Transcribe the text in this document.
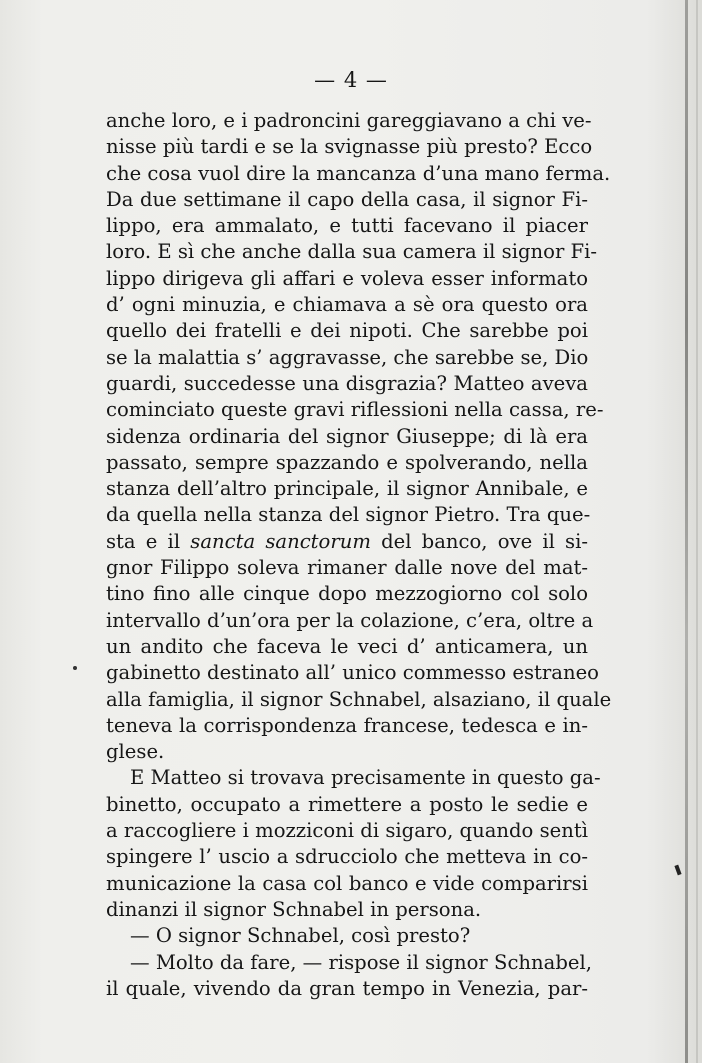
— 4 —
anche loro, e i padroncini gareggiavano a chi ve-
nisse più tardi e se la svignasse più presto? Ecco
che cosa vuol dire la mancanza d’una mano ferma.
Da due settimane il capo della casa, il signor Fi-
lippo, era ammalato, e tutti facevano il piacer
loro. E sì che anche dalla sua camera il signor Fi-
lippo dirigeva gli affari e voleva esser informato
d’ ogni minuzia, e chiamava a sè ora questo ora
quello dei fratelli e dei nipoti. Che sarebbe poi
se la malattia s’ aggravasse, che sarebbe se, Dio
guardi, succedesse una disgrazia? Matteo aveva
cominciato queste gravi riflessioni nella cassa, re-
sidenza ordinaria del signor Giuseppe; di là era
passato, sempre spazzando e spolverando, nella
stanza dell’altro principale, il signor Annibale, e
da quella nella stanza del signor Pietro. Tra que-
sta e il sancta sanctorum del banco, ove il si-
gnor Filippo soleva rimaner dalle nove del mat-
tino fino alle cinque dopo mezzogiorno col solo
intervallo d’un’ora per la colazione, c’era, oltre a
un andito che faceva le veci d’ anticamera, un
gabinetto destinato all’ unico commesso estraneo
alla famiglia, il signor Schnabel, alsaziano, il quale
teneva la corrispondenza francese, tedesca e in-
glese.
E Matteo si trovava precisamente in questo ga-
binetto, occupato a rimettere a posto le sedie e
a raccogliere i mozziconi di sigaro, quando sentì
spingere l’ uscio a sdrucciolo che metteva in co-
municazione la casa col banco e vide comparirsi
dinanzi il signor Schnabel in persona.
— O signor Schnabel, così presto?
— Molto da fare, — rispose il signor Schnabel,
il quale, vivendo da gran tempo in Venezia, par-
